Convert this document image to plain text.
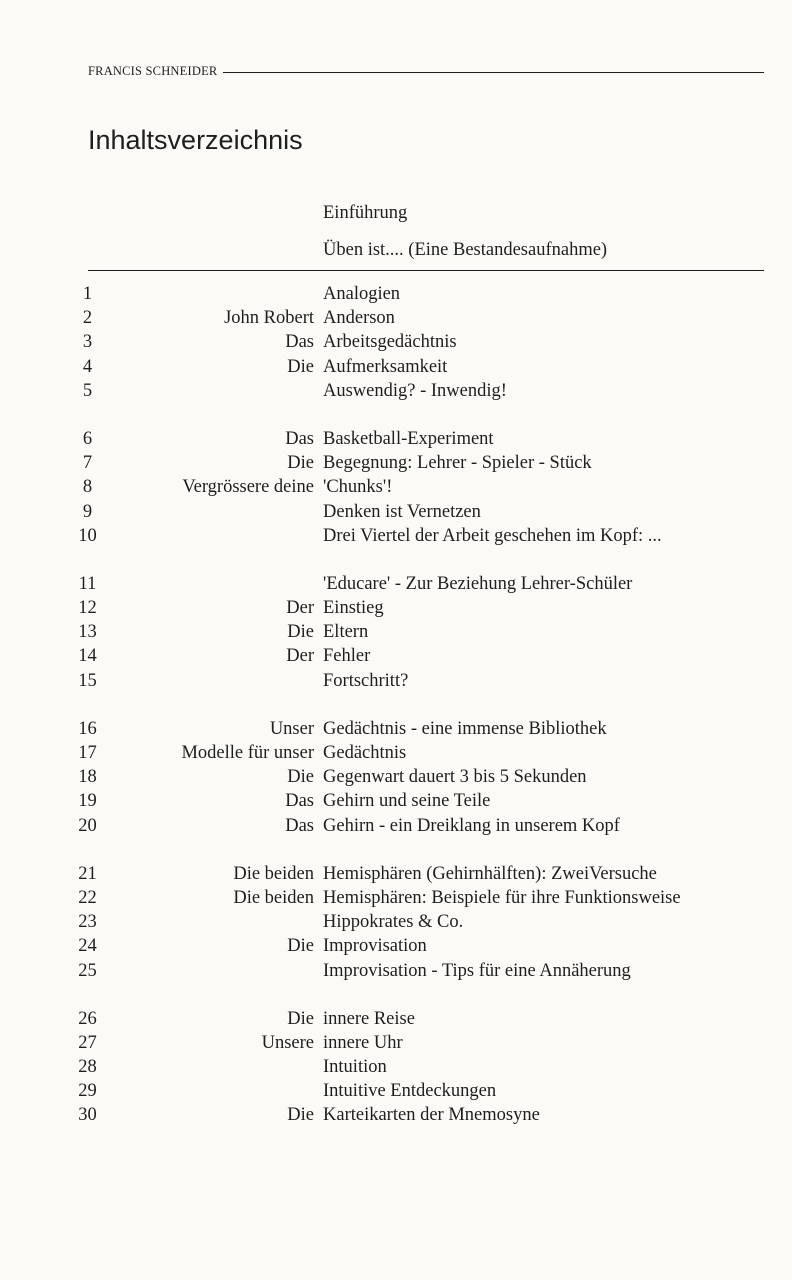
FRANCIS SCHNEIDER
Inhaltsverzeichnis
Einführung
Üben ist.... (Eine Bestandesaufnahme)
1	Analogien
2	John Robert Anderson
3	Das Arbeitsgedächtnis
4	Die Aufmerksamkeit
5	Auswendig? - Inwendig!
6	Das Basketball-Experiment
7	Die Begegnung: Lehrer - Spieler - Stück
8	Vergrössere deine 'Chunks'!
9	Denken ist Vernetzen
10	Drei Viertel der Arbeit geschehen im Kopf: ...
11	'Educare' - Zur Beziehung Lehrer-Schüler
12	Der Einstieg
13	Die Eltern
14	Der Fehler
15	Fortschritt?
16	Unser Gedächtnis - eine immense Bibliothek
17	Modelle für unser Gedächtnis
18	Die Gegenwart dauert 3 bis 5 Sekunden
19	Das Gehirn und seine Teile
20	Das Gehirn - ein Dreiklang in unserem Kopf
21	Die beiden Hemisphären (Gehirnhälften): ZweiVersuche
22	Die beiden Hemisphären: Beispiele für ihre Funktionsweise
23	Hippokrates & Co.
24	Die Improvisation
25	Improvisation - Tips für eine Annäherung
26	Die innere Reise
27	Unsere innere Uhr
28	Intuition
29	Intuitive Entdeckungen
30	Die Karteikarten der Mnemosyne
